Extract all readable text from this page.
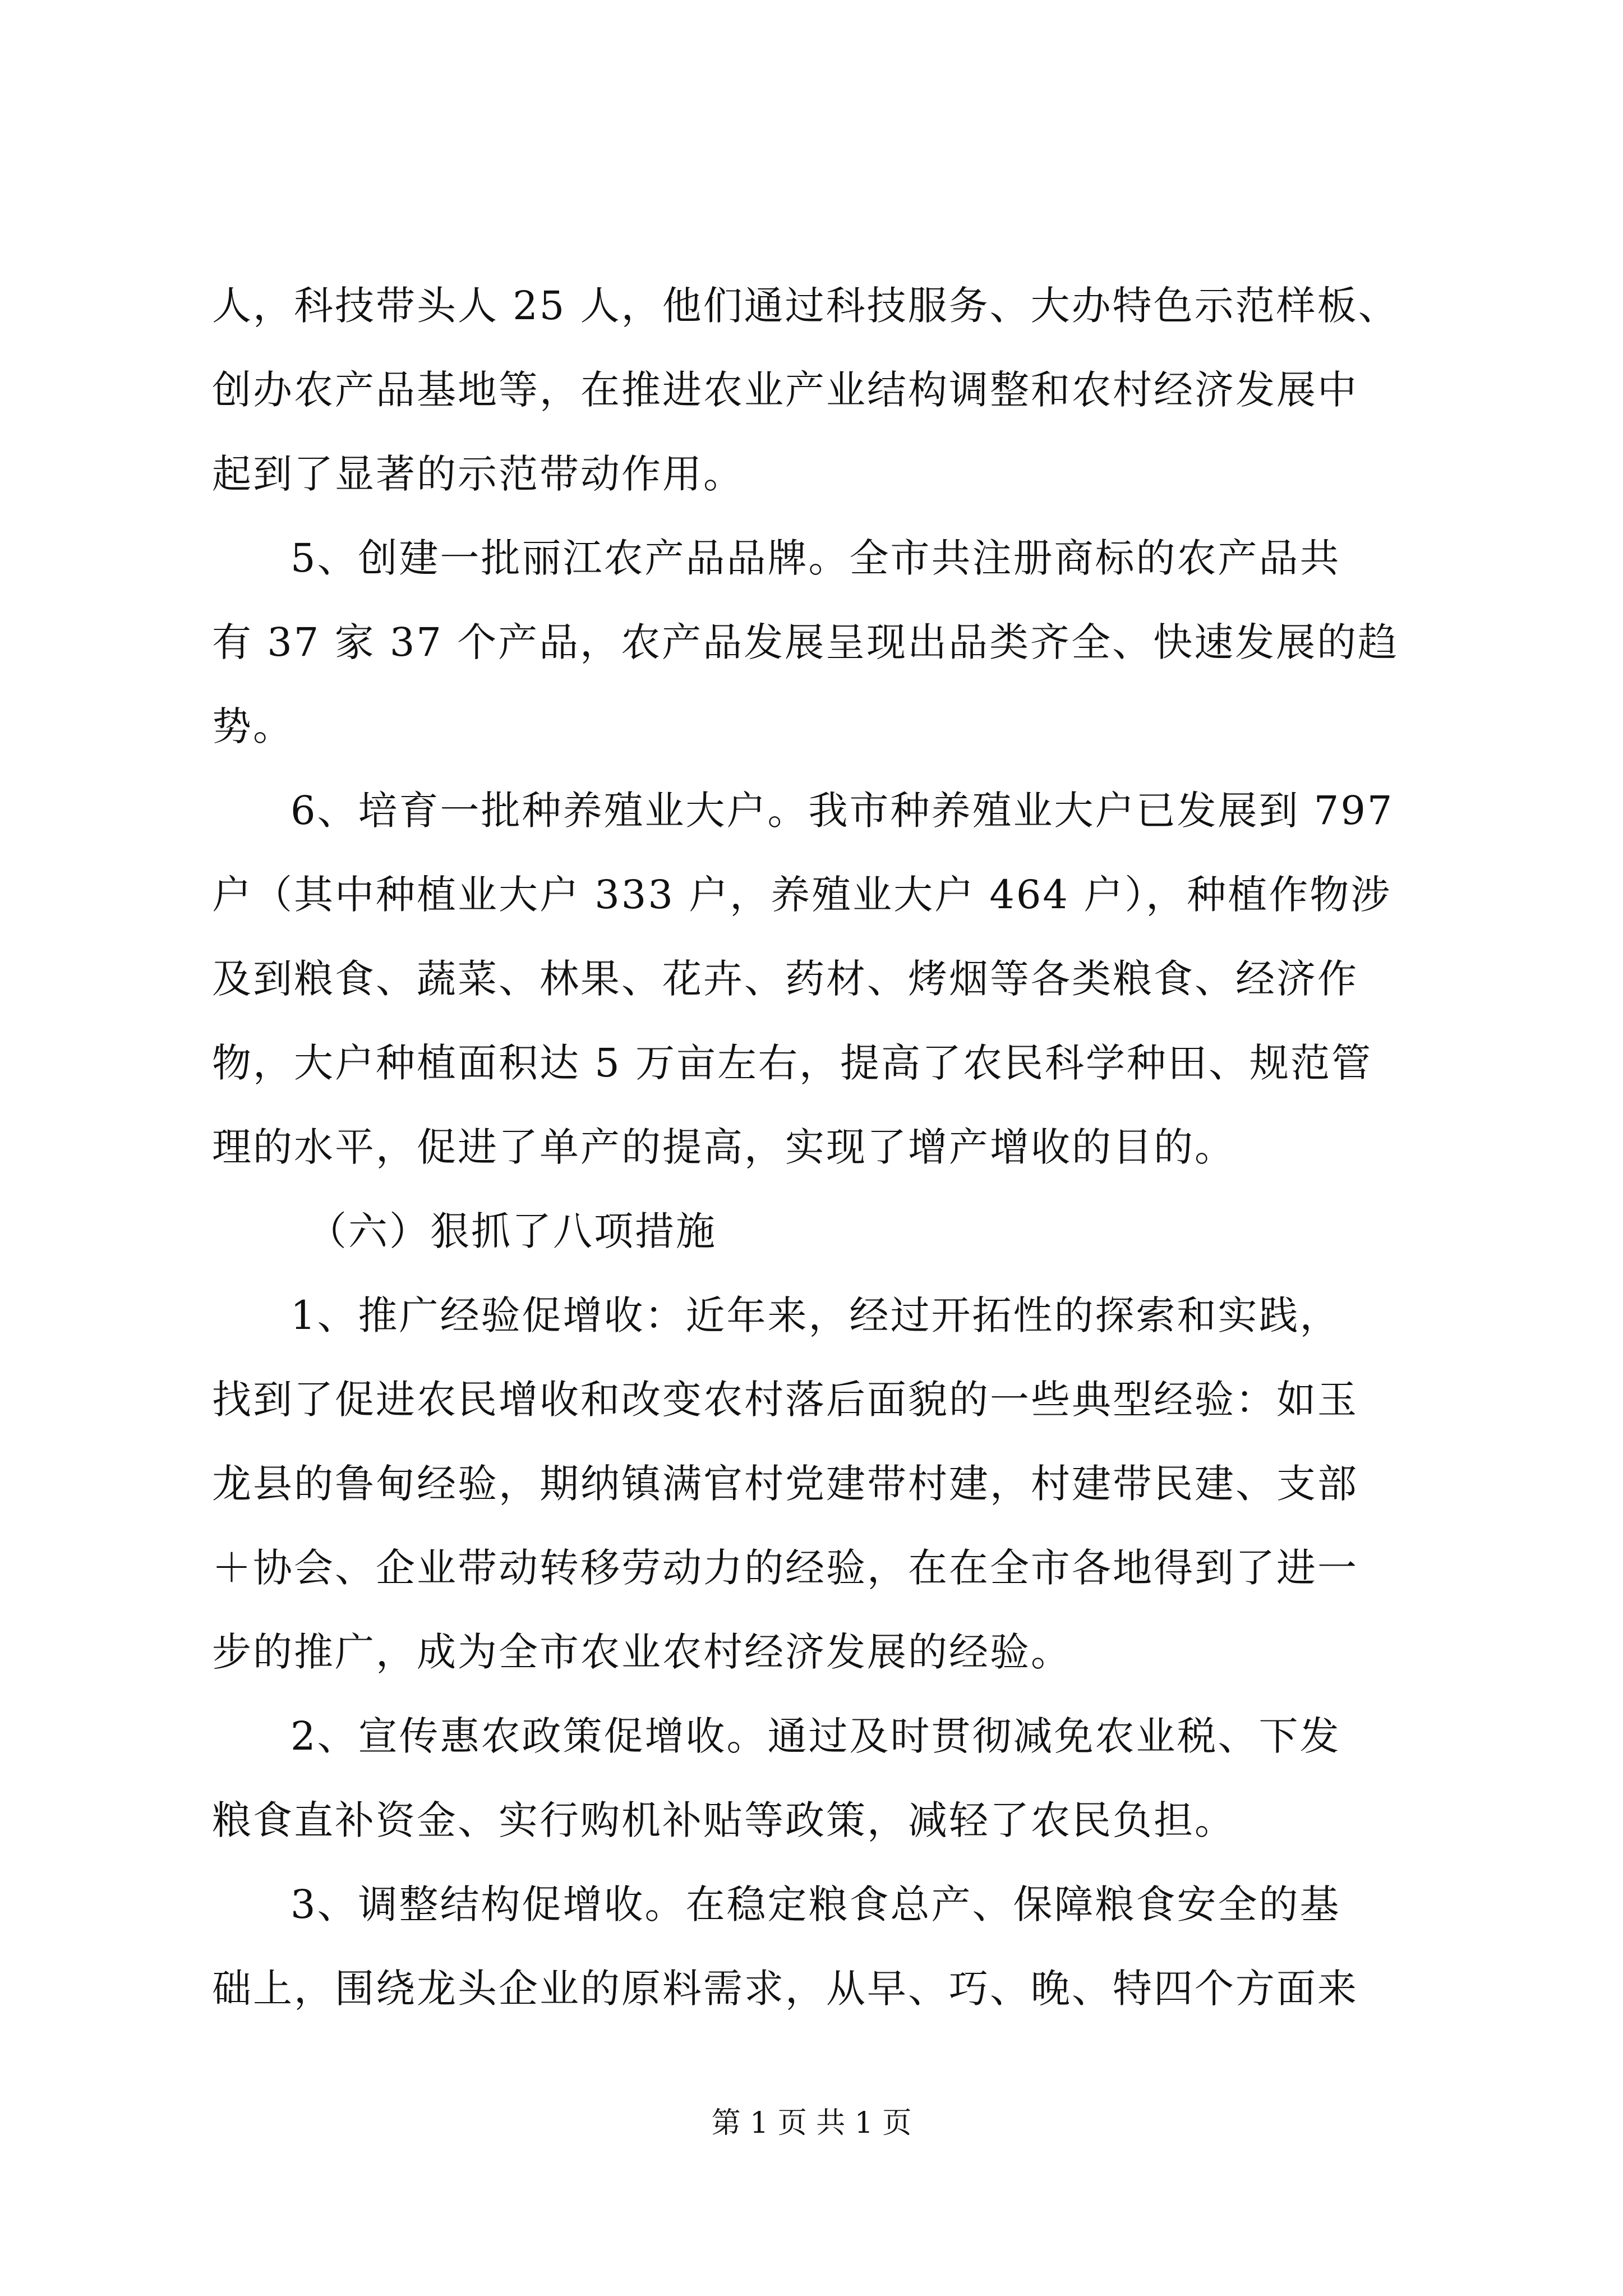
人，科技带头人 25 人，他们通过科技服务、大办特色示范样板、
创办农产品基地等，在推进农业产业结构调整和农村经济发展中
起到了显著的示范带动作用。
5、创建一批丽江农产品品牌。全市共注册商标的农产品共
有 37 家 37 个产品，农产品发展呈现出品类齐全、快速发展的趋
势。
6、培育一批种养殖业大户。我市种养殖业大户已发展到 797
户（其中种植业大户 333 户，养殖业大户 464 户），种植作物涉
及到粮食、蔬菜、林果、花卉、药材、烤烟等各类粮食、经济作
物，大户种植面积达 5 万亩左右，提高了农民科学种田、规范管
理的水平，促进了单产的提高，实现了增产增收的目的。
（六）狠抓了八项措施
1、推广经验促增收：近年来，经过开拓性的探索和实践，
找到了促进农民增收和改变农村落后面貌的一些典型经验：如玉
龙县的鲁甸经验，期纳镇满官村党建带村建，村建带民建、支部
＋协会、企业带动转移劳动力的经验，在在全市各地得到了进一
步的推广，成为全市农业农村经济发展的经验。
2、宣传惠农政策促增收。通过及时贯彻减免农业税、下发
粮食直补资金、实行购机补贴等政策，减轻了农民负担。
3、调整结构促增收。在稳定粮食总产、保障粮食安全的基
础上，围绕龙头企业的原料需求，从早、巧、晚、特四个方面来
第 1 页 共 1 页
